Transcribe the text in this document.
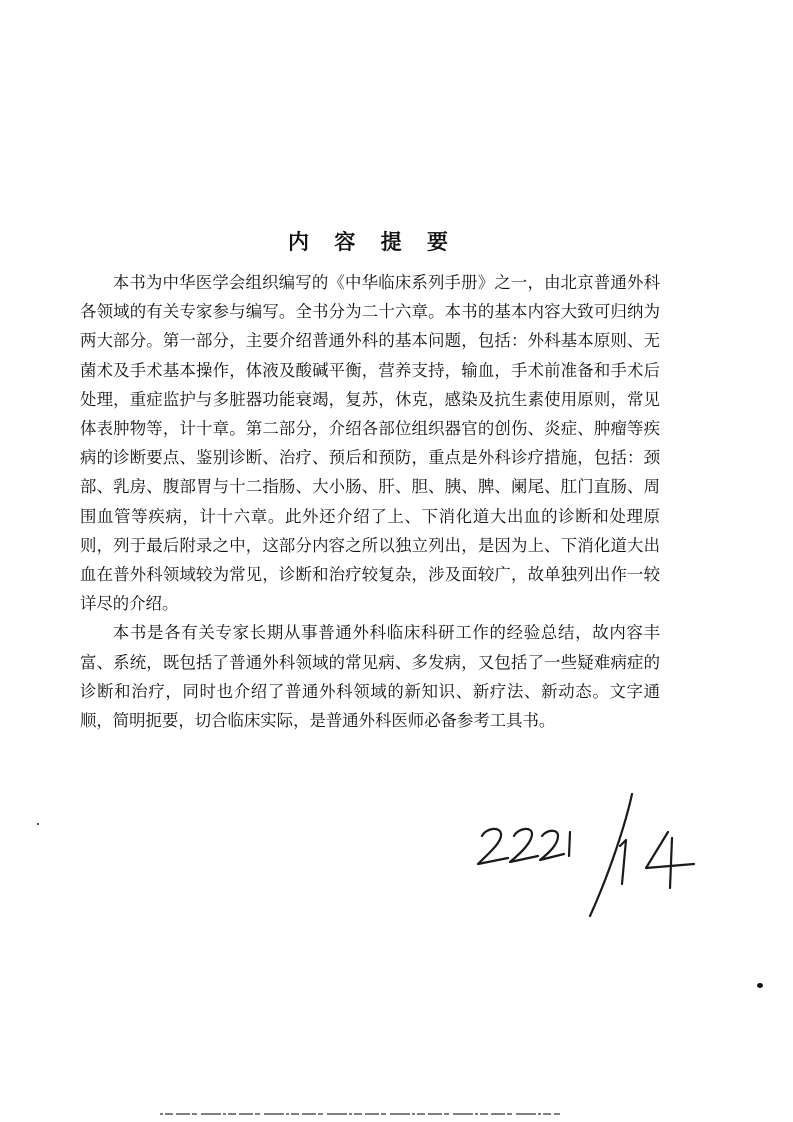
内 容 提 要

本书为中华医学会组织编写的《中华临床系列手册》之一，由北京普通外科各领域的有关专家参与编写。全书分为二十六章。本书的基本内容大致可归纳为两大部分。第一部分，主要介绍普通外科的基本问题，包括：外科基本原则、无菌术及手术基本操作，体液及酸碱平衡，营养支持，输血，手术前准备和手术后处理，重症监护与多脏器功能衰竭，复苏，休克，感染及抗生素使用原则，常见体表肿物等，计十章。第二部分，介绍各部位组织器官的创伤、炎症、肿瘤等疾病的诊断要点、鉴别诊断、治疗、预后和预防，重点是外科诊疗措施，包括：颈部、乳房、腹部胃与十二指肠、大小肠、肝、胆、胰、脾、阑尾、肛门直肠、周围血管等疾病，计十六章。此外还介绍了上、下消化道大出血的诊断和处理原则，列于最后附录之中，这部分内容之所以独立列出，是因为上、下消化道大出血在普外科领域较为常见，诊断和治疗较复杂，涉及面较广，故单独列出作一较详尽的介绍。

本书是各有关专家长期从事普通外科临床科研工作的经验总结，故内容丰富、系统，既包括了普通外科领域的常见病、多发病，又包括了一些疑难病症的诊断和治疗，同时也介绍了普通外科领域的新知识、新疗法、新动态。文字通顺，简明扼要，切合临床实际，是普通外科医师必备参考工具书。
